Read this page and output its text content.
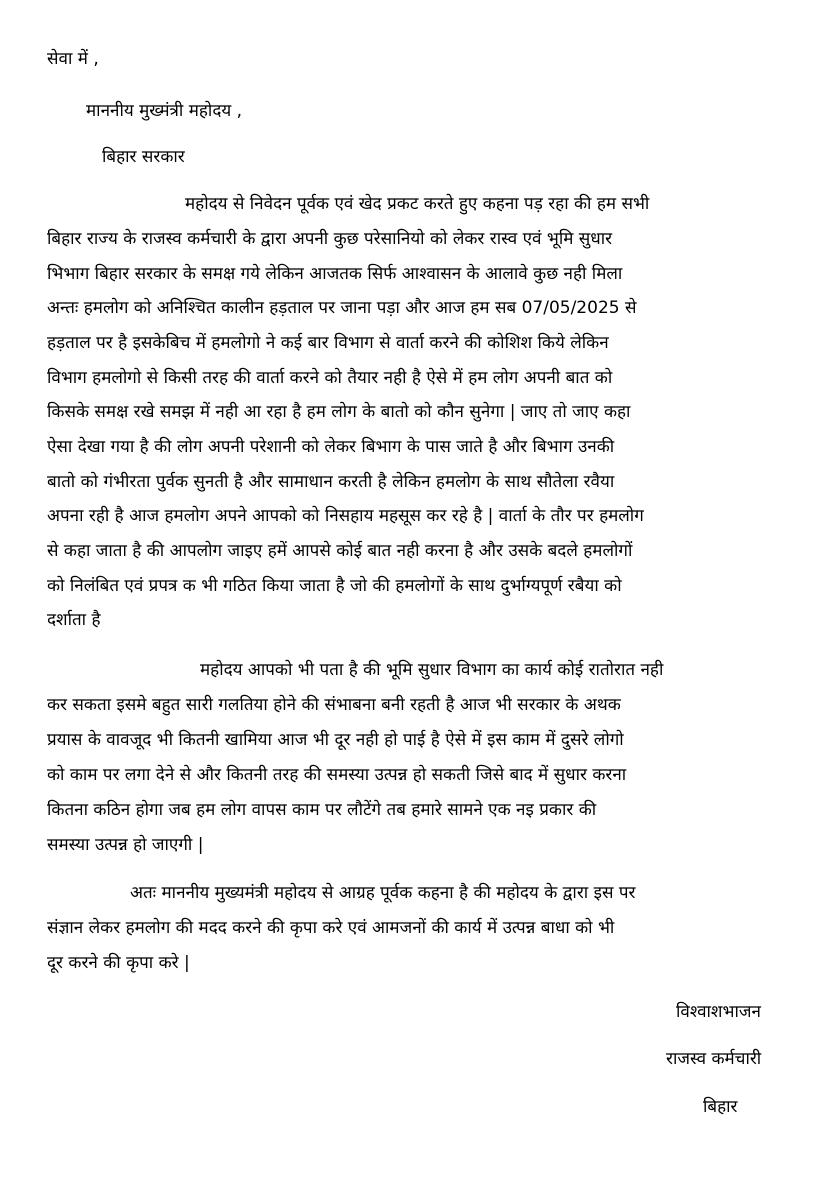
सेवा में ,
माननीय मुख्मंत्री महोदय ,
बिहार सरकार
महोदय से निवेदन पूर्वक एवं खेद प्रकट करते हुए कहना पड़ रहा की हम सभी
बिहार राज्य के राजस्व कर्मचारी के द्वारा अपनी कुछ परेसानियो को लेकर रास्व एवं भूमि सुधार
भिभाग बिहार सरकार के समक्ष गये लेकिन आजतक सिर्फ आश्वासन के आलावे कुछ नही मिला
अन्तः हमलोग को अनिश्चित कालीन हड़ताल पर जाना पड़ा और आज हम सब 07/05/2025 से
हड़ताल पर है इसकेबिच में हमलोगो ने कई बार विभाग से वार्ता करने की कोशिश किये लेकिन
विभाग हमलोगो से किसी तरह की वार्ता करने को तैयार नही है ऐसे में हम लोग अपनी बात को
किसके समक्ष रखे समझ में नही आ रहा है हम लोग के बातो को कौन सुनेगा | जाए तो जाए कहा
ऐसा देखा गया है की लोग अपनी परेशानी को लेकर बिभाग के पास जाते है और बिभाग उनकी
बातो को गंभीरता पुर्वक सुनती है और सामाधान करती है लेकिन हमलोग के साथ सौतेला रवैया
अपना रही है आज हमलोग अपने आपको को निसहाय महसूस कर रहे है | वार्ता के तौर पर हमलोग
से कहा जाता है की आपलोग जाइए हमें आपसे कोई बात नही करना है और उसके बदले हमलोगों
को निलंबित एवं प्रपत्र क भी गठित किया जाता है जो की हमलोगों के साथ दुर्भाग्यपूर्ण रबैया को
दर्शाता है
महोदय आपको भी पता है की भूमि सुधार विभाग का कार्य कोई रातोरात नही
कर सकता इसमे बहुत सारी गलतिया होने की संभाबना बनी रहती है आज भी सरकार के अथक
प्रयास के वावजूद भी कितनी खामिया आज भी दूर नही हो पाई है ऐसे में इस काम में दुसरे लोगो
को काम पर लगा देने से और कितनी तरह की समस्या उत्पन्न हो सकती जिसे बाद में सुधार करना
कितना कठिन होगा जब हम लोग वापस काम पर लौटेंगे तब हमारे सामने एक नइ प्रकार की
समस्या उत्पन्न हो जाएगी |
अतः माननीय मुख्यमंत्री महोदय से आग्रह पूर्वक कहना है की महोदय के द्वारा इस पर
संज्ञान लेकर हमलोग की मदद करने की कृपा करे एवं आमजनों की कार्य में उत्पन्न बाधा को भी
दूर करने की कृपा करे |
विश्वाशभाजन
राजस्व कर्मचारी
बिहार
